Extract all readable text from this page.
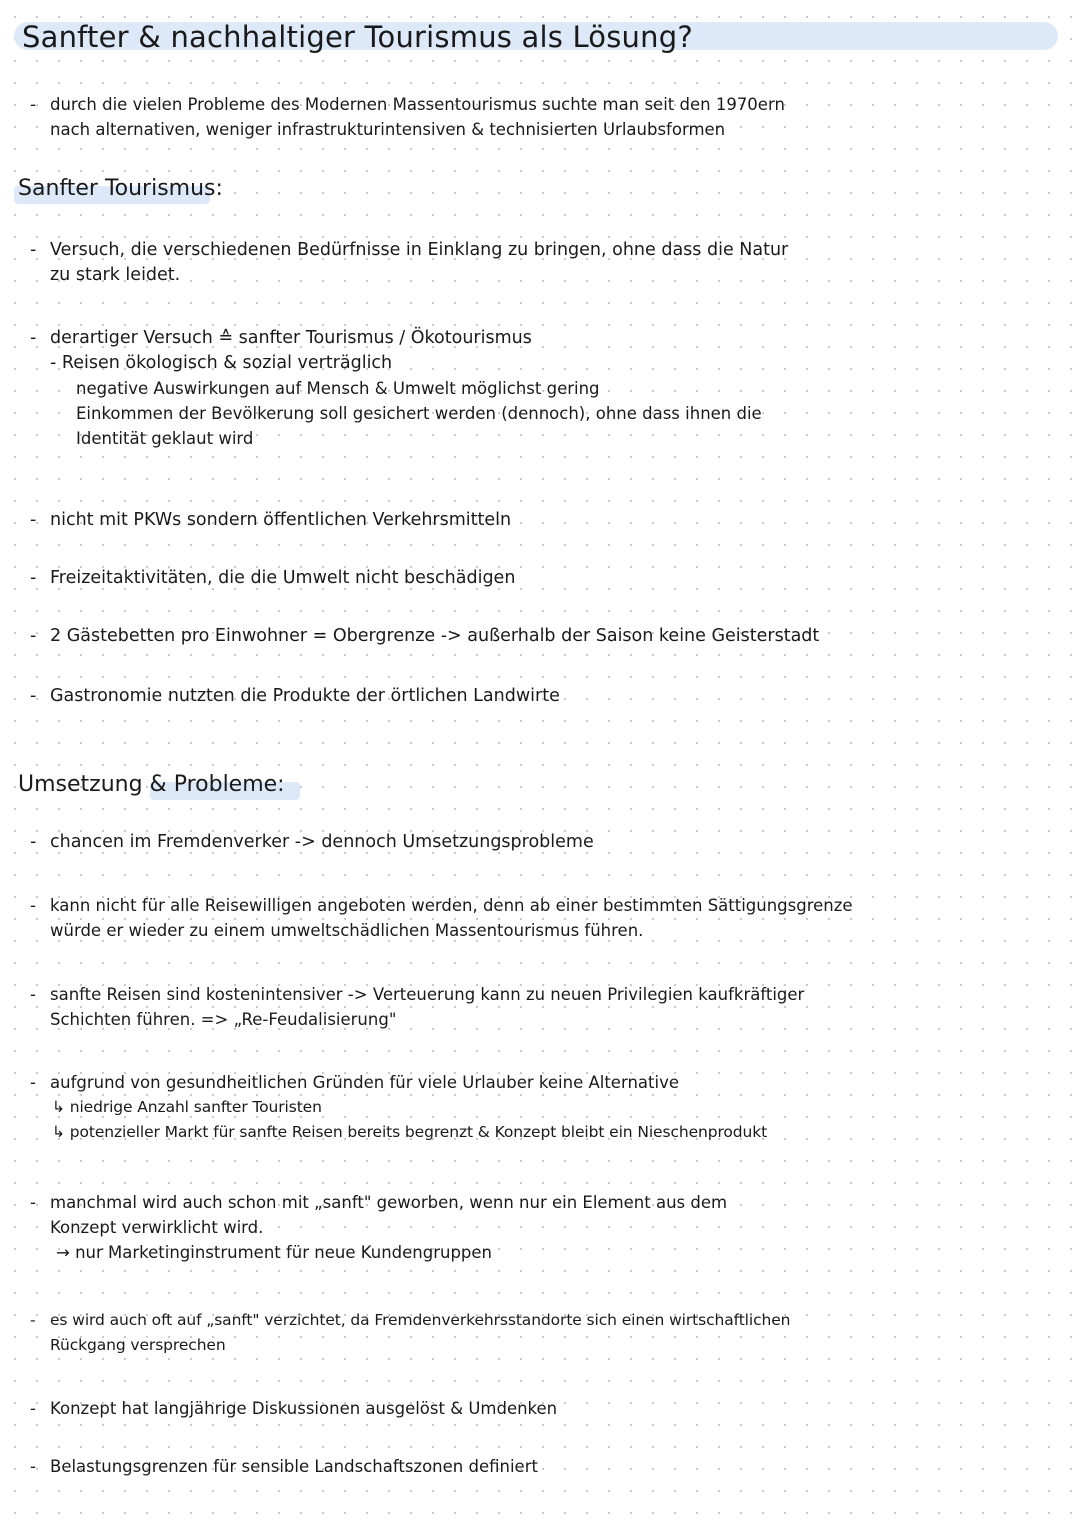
Sanfter & nachhaltiger Tourismus als Lösung?
- durch die vielen Probleme des Modernen Massentourismus suchte man seit den 1970ern
nach alternativen, weniger infrastrukturintensiven & technisierten Urlaubsformen
Sanfter Tourismus:
- Versuch, die verschiedenen Bedürfnisse in Einklang zu bringen, ohne dass die Natur
zu stark leidet.
- derartiger Versuch ≙ sanfter Tourismus / Ökotourismus
- Reisen ökologisch & sozial verträglich
negative Auswirkungen auf Mensch & Umwelt möglichst gering
Einkommen der Bevölkerung soll gesichert werden (dennoch), ohne dass ihnen die
Identität geklaut wird
- nicht mit PKWs sondern öffentlichen Verkehrsmitteln
- Freizeitaktivitäten, die die Umwelt nicht beschädigen
- 2 Gästebetten pro Einwohner = Obergrenze -> außerhalb der Saison keine Geisterstadt
- Gastronomie nutzten die Produkte der örtlichen Landwirte
Umsetzung & Probleme:
- chancen im Fremdenverker -> dennoch Umsetzungsprobleme
- kann nicht für alle Reisewilligen angeboten werden, denn ab einer bestimmten Sättigungsgrenze
würde er wieder zu einem umweltschädlichen Massentourismus führen.
- sanfte Reisen sind kostenintensiver -> Verteuerung kann zu neuen Privilegien kaufkräftiger
Schichten führen. => „Re-Feudalisierung"
- aufgrund von gesundheitlichen Gründen für viele Urlauber keine Alternative
↳ niedrige Anzahl sanfter Touristen
↳ potenzieller Markt für sanfte Reisen bereits begrenzt & Konzept bleibt ein Nieschenprodukt
- manchmal wird auch schon mit „sanft" geworben, wenn nur ein Element aus dem
Konzept verwirklicht wird.
→ nur Marketinginstrument für neue Kundengruppen
- es wird auch oft auf „sanft" verzichtet, da Fremdenverkehrsstandorte sich einen wirtschaftlichen
Rückgang versprechen
- Konzept hat langjährige Diskussionen ausgelöst & Umdenken
- Belastungsgrenzen für sensible Landschaftszonen definiert
